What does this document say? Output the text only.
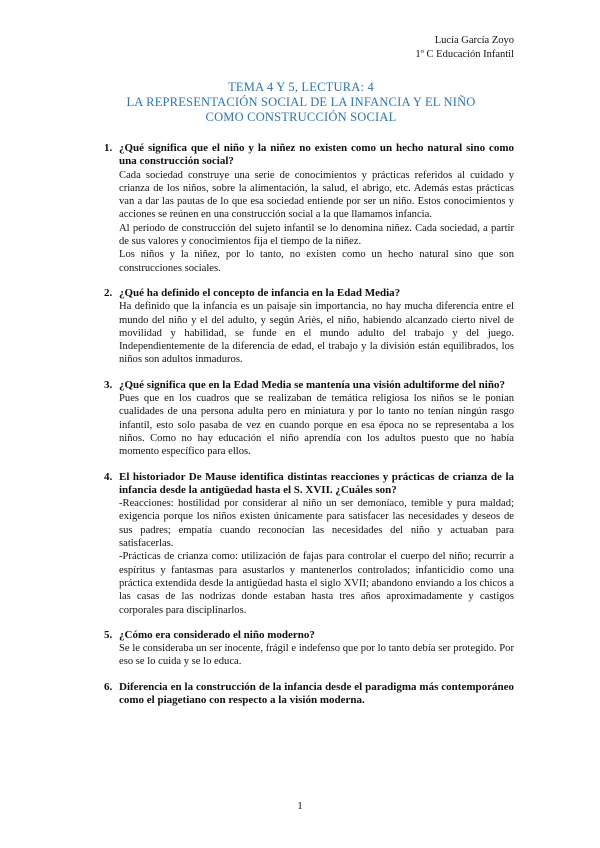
Lucía García Zoyo
1º C Educación Infantil
TEMA 4 Y 5, LECTURA: 4
LA REPRESENTACIÓN SOCIAL DE LA INFANCIA Y EL NIÑO
COMO CONSTRUCCIÓN SOCIAL
1. ¿Qué significa que el niño y la niñez no existen como un hecho natural sino como una construcción social?
Cada sociedad construye una serie de conocimientos y prácticas referidos al cuidado y crianza de los niños, sobre la alimentación, la salud, el abrigo, etc. Además estas prácticas van a dar las pautas de lo que esa sociedad entiende por ser un niño. Estos conocimientos y acciones se reúnen en una construcción social a la que llamamos infancia.
Al periodo de construcción del sujeto infantil se lo denomina niñez. Cada sociedad, a partir de sus valores y conocimientos fija el tiempo de la niñez.
Los niños y la niñez, por lo tanto, no existen como un hecho natural sino que son construcciones sociales.
2. ¿Qué ha definido el concepto de infancia en la Edad Media?
Ha definido que la infancia es un paisaje sin importancia, no hay mucha diferencia entre el mundo del niño y el del adulto, y según Ariès, el niño, habiendo alcanzado cierto nivel de movilidad y habilidad, se funde en el mundo adulto del trabajo y del juego. Independientemente de la diferencia de edad, el trabajo y la división están equilibrados, los niños son adultos inmaduros.
3. ¿Qué significa que en la Edad Media se mantenía una visión adultiforme del niño?
Pues que en los cuadros que se realizaban de temática religiosa los niños se le ponían cualidades de una persona adulta pero en miniatura y por lo tanto no tenían ningún rasgo infantil, esto solo pasaba de vez en cuando porque en esa época no se representaba a los niños. Como no hay educación el niño aprendía con los adultos puesto que no había momento específico para ellos.
4. El historiador De Mause identifica distintas reacciones y prácticas de crianza de la infancia desde la antigüedad hasta el S. XVII. ¿Cuáles son?
-Reacciones: hostilidad por considerar al niño un ser demoníaco, temible y pura maldad; exigencia porque los niños existen únicamente para satisfacer las necesidades y deseos de sus padres; empatía cuando reconocían las necesidades del niño y actuaban para satisfacerlas.
-Prácticas de crianza como: utilización de fajas para controlar el cuerpo del niño; recurrir a espíritus y fantasmas para asustarlos y mantenerlos controlados; infanticidio como una práctica extendida desde la antigüedad hasta el siglo XVII; abandono enviando a los chicos a las casas de las nodrizas donde estaban hasta tres años aproximadamente y castigos corporales para disciplinarlos.
5. ¿Cómo era considerado el niño moderno?
Se le consideraba un ser inocente, frágil e indefenso que por lo tanto debía ser protegido. Por eso se lo cuida y se lo educa.
6. Diferencia en la construcción de la infancia desde el paradigma más contemporáneo como el piagetiano con respecto a la visión moderna.
1
